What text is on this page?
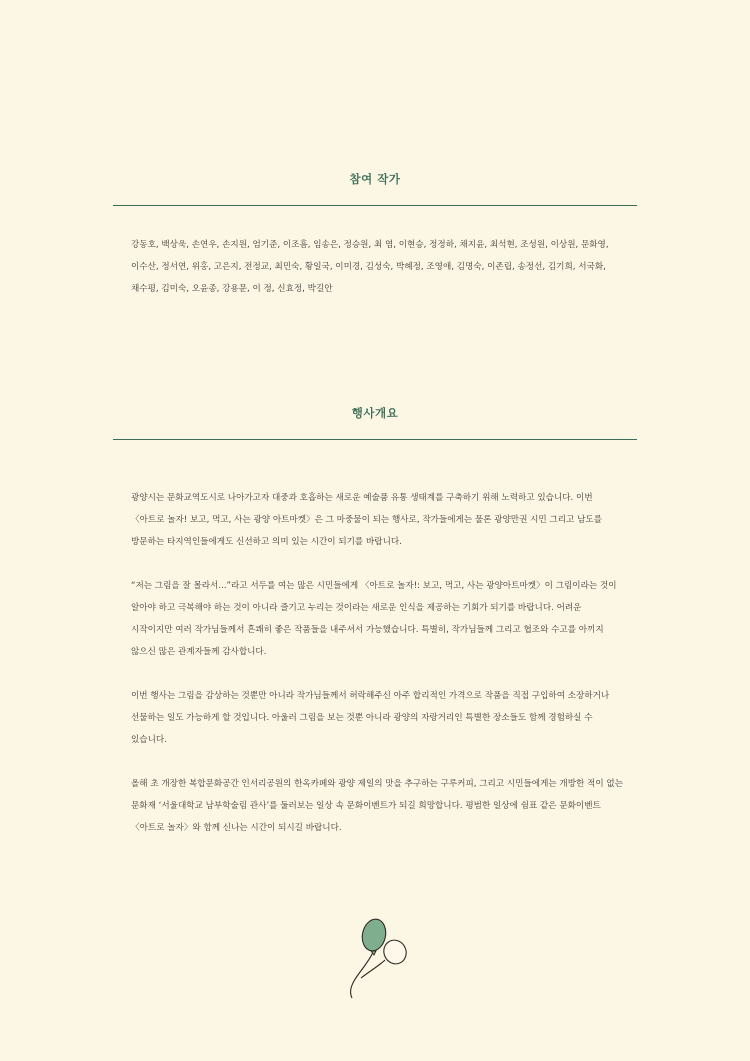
참여 작가
강동호, 백상욱, 손연우, 손지원, 엄기준, 이조흠, 임송은, 정승원, 최 염, 이현승, 정정하, 채지윤, 최석현, 조성원, 이상원, 문화영, 이수산, 정서연, 위홍, 고은지, 전정교, 최민숙, 황일국, 이미경, 김성숙, 박혜정, 조영애, 김명숙, 이존립, 송정선, 김기희, 서국화, 채수평, 김미숙, 오윤종, 강용문, 이 정, 신효정, 박길안
행사개요

광양시는 문화교역도시로 나아가고자 대중과 호흡하는 새로운 예술품 유통 생태계를 구축하기 위해 노력하고 있습니다. 이번 〈아트로 놀자! 보고, 먹고, 사는 광양 아트마켓〉은 그 마중물이 되는 행사로, 작가들에게는 물론 광양만권 시민 그리고 남도를 방문하는 타지역인들에게도 신선하고 의미 있는 시간이 되기를 바랍니다.

“저는 그림을 잘 몰라서...”라고 서두를 여는 많은 시민들에게 〈아트로 놀자!: 보고, 먹고, 사는 광양아트마켓〉이 그림이라는 것이 알아야 하고 극복해야 하는 것이 아니라 즐기고 누리는 것이라는 새로운 인식을 제공하는 기회가 되기를 바랍니다. 어려운 시작이지만 여러 작가님들께서 흔쾌히 좋은 작품들을 내주셔서 가능했습니다. 특별히, 작가님들께 그리고 협조와 수고를 아끼지 않으신 많은 관계자들께 감사합니다.

이번 행사는 그림을 감상하는 것뿐만 아니라 작가님들께서 허락해주신 아주 합리적인 가격으로 작품을 직접 구입하여 소장하거나 선물하는 일도 가능하게 할 것입니다. 아울러 그림을 보는 것뿐 아니라 광양의 자랑거리인 특별한 장소들도 함께 경험하실 수 있습니다.

올해 초 개장한 복합문화공간 인서리공원의 한옥카페와 광양 제일의 맛을 추구하는 구루커피, 그리고 시민들에게는 개방한 적이 없는 문화재 ‘서울대학교 남부학술림 관사’를 둘러보는 일상 속 문화이벤트가 되길 희망합니다. 평범한 일상에 쉼표 같은 문화이벤트 〈아트로 놀자〉와 함께 신나는 시간이 되시길 바랍니다.
